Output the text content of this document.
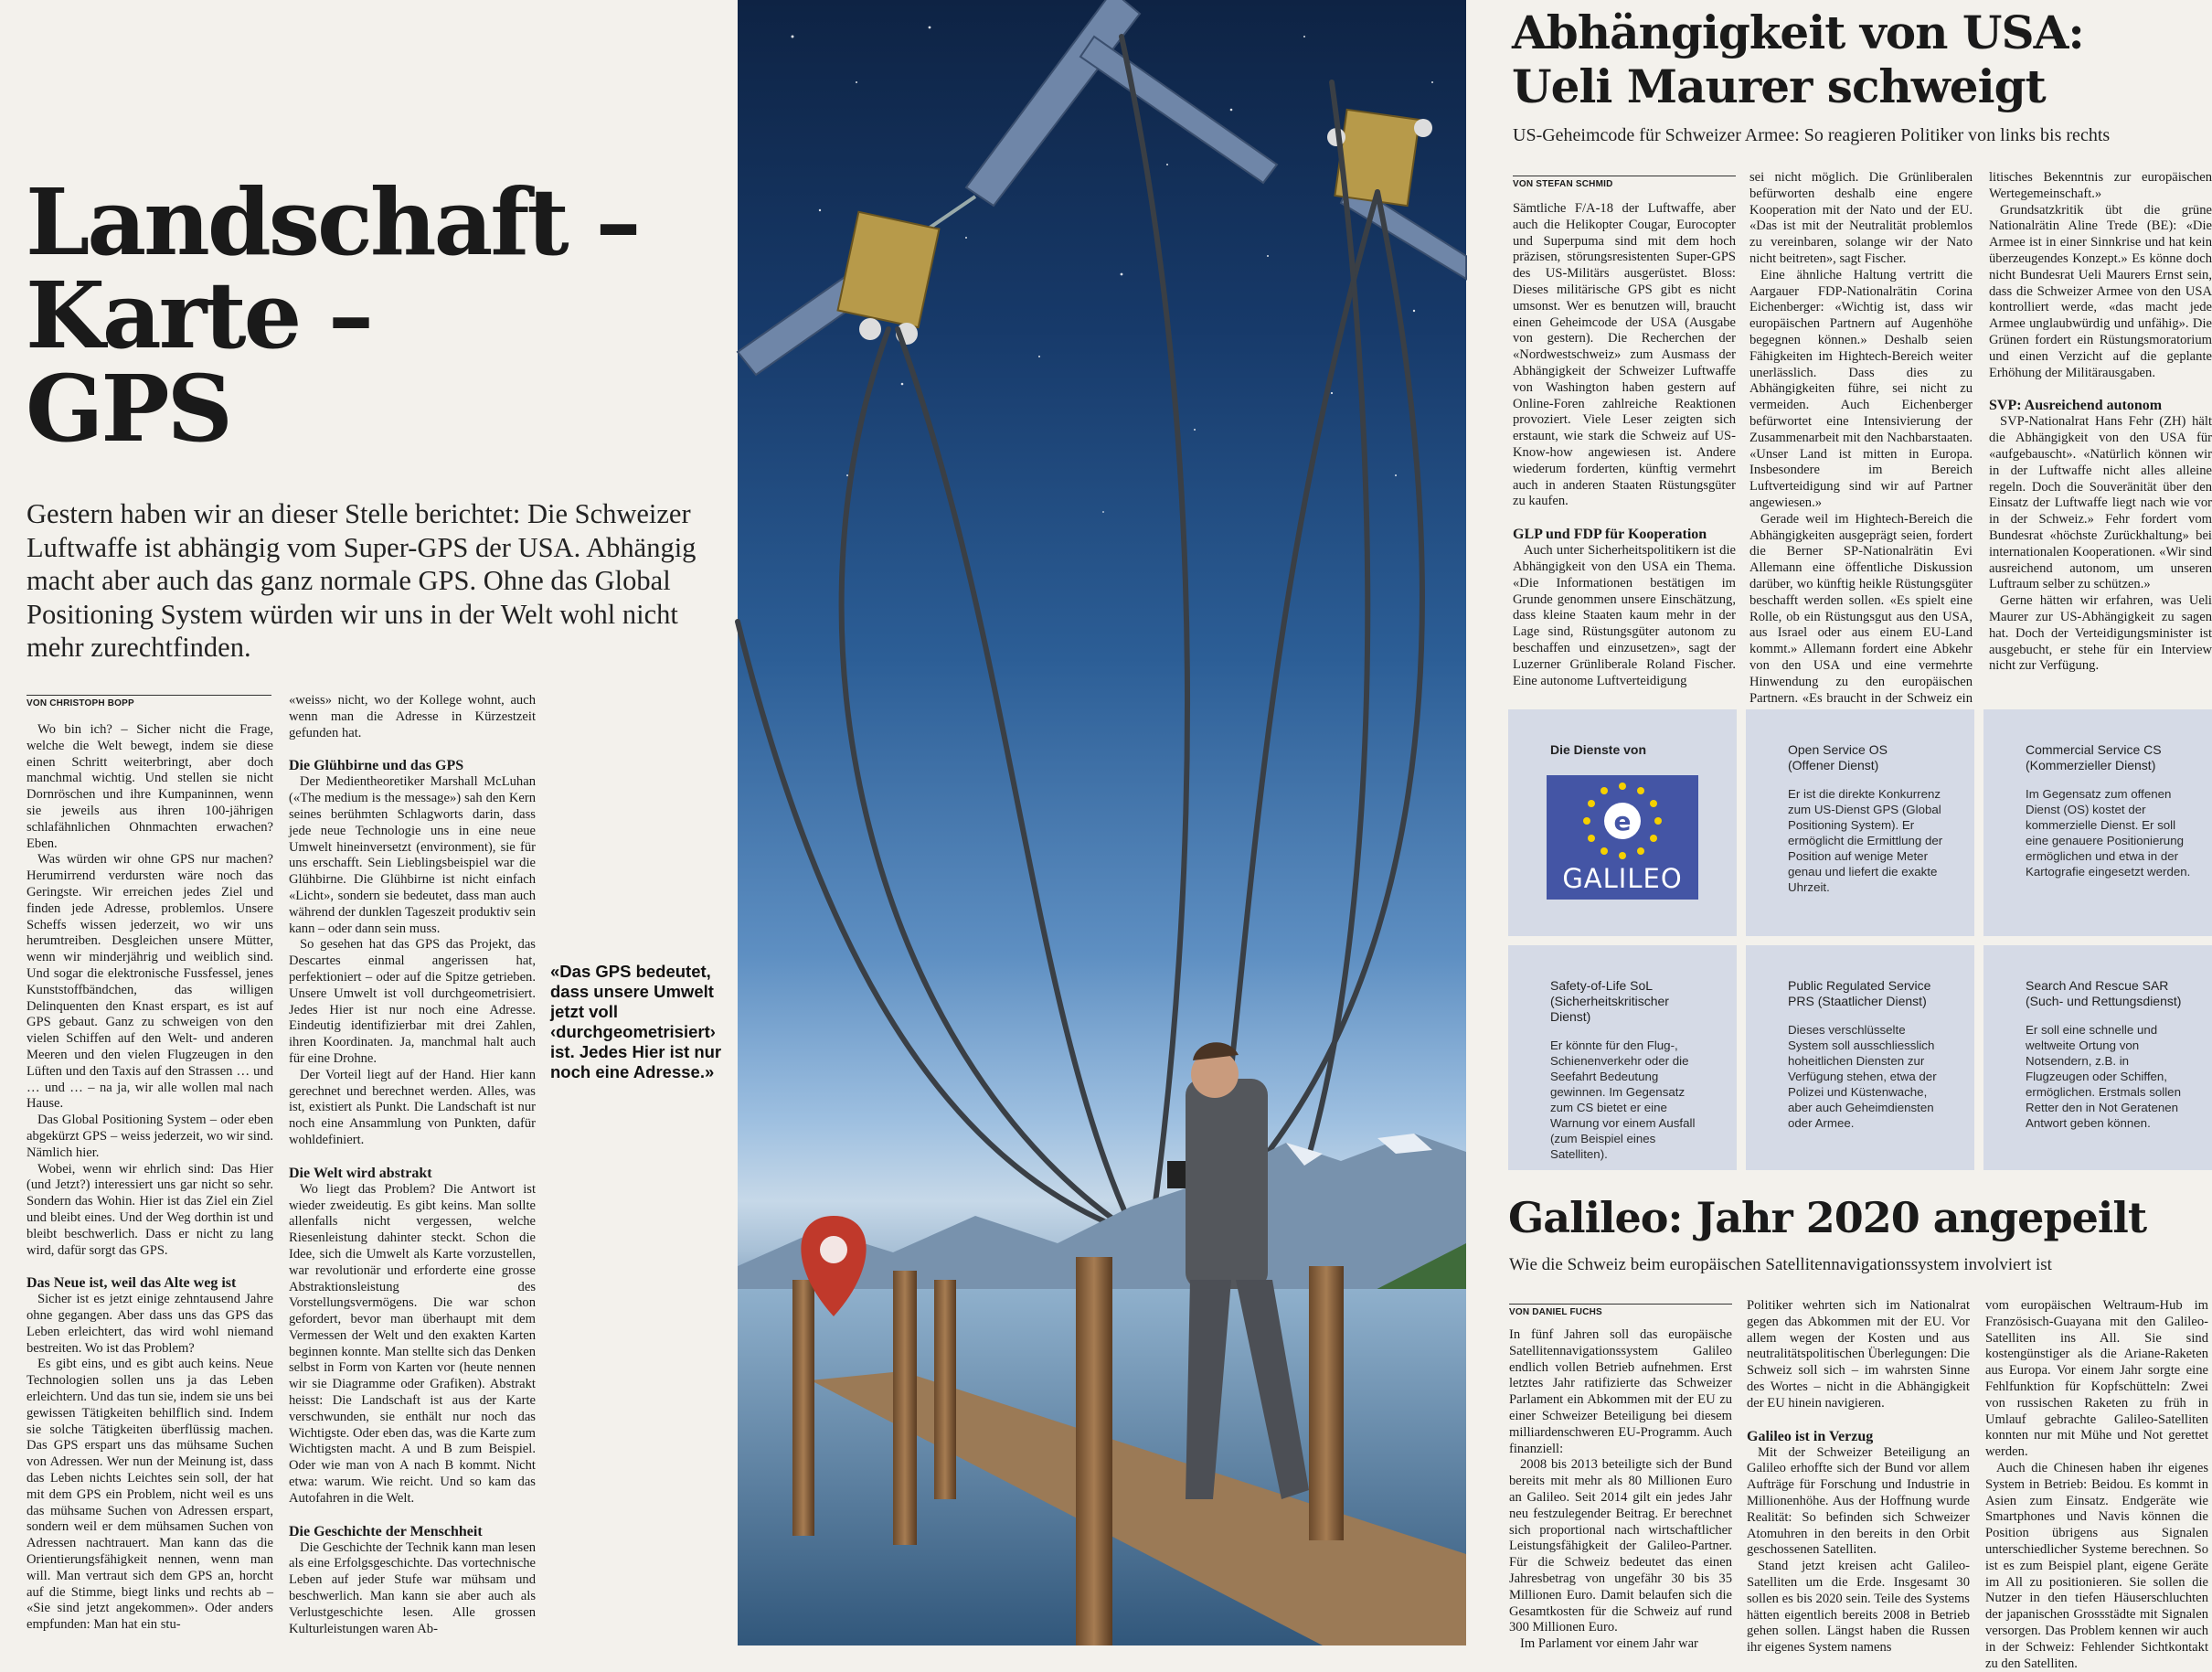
Landschaft –
Karte –
GPS
Gestern haben wir an dieser Stelle berichtet: Die Schweizer Luftwaffe ist abhängig vom Super-GPS der USA. Abhängig macht aber auch das ganz normale GPS. Ohne das Global Positioning System würden wir uns in der Welt wohl nicht mehr zurechtfinden.
VON CHRISTOPH BOPP

Wo bin ich? – Sicher nicht die Frage, welche die Welt bewegt, indem sie diese einen Schritt weiterbringt, aber doch manchmal wichtig. Und stellen sie nicht Dornröschen und ihre Kumpaninnen, wenn sie jeweils aus ihren 100-jährigen schlafähnlichen Ohnmachten erwachen? Eben.

Was würden wir ohne GPS nur machen? Herumirrend verdursten wäre noch das Geringste. Wir erreichen jedes Ziel und finden jede Adresse, problemlos. Unsere Scheffs wissen jederzeit, wo wir uns herumtreiben. Desgleichen unsere Mütter, wenn wir minderjährig und weiblich sind. Und sogar die elektronische Fussfessel, jenes Kunststoffbändchen, das willigen Delinquenten den Knast erspart, es ist auf GPS gebaut. Ganz zu schweigen von den vielen Schiffen auf den Welt- und anderen Meeren und den vielen Flugzeugen in den Lüften und den Taxis auf den Strassen … und … und … – na ja, wir alle wollen mal nach Hause.

Das Global Positioning System – oder eben abgekürzt GPS – weiss jederzeit, wo wir sind. Nämlich hier.

Wobei, wenn wir ehrlich sind: Das Hier (und Jetzt?) interessiert uns gar nicht so sehr. Sondern das Wohin. Hier ist das Ziel ein Ziel und bleibt eines. Und der Weg dorthin ist und bleibt beschwerlich. Dass er nicht zu lang wird, dafür sorgt das GPS.

Das Neue ist, weil das Alte weg ist

Sicher ist es jetzt einige zehntausend Jahre ohne gegangen. Aber dass uns das GPS das Leben erleichtert, das wird wohl niemand bestreiten. Wo ist das Problem?

Es gibt eins, und es gibt auch keins. Neue Technologien sollen uns ja das Leben erleichtern. Und das tun sie, indem sie uns bei gewissen Tätigkeiten behilflich sind. Indem sie solche Tätigkeiten überflüssig machen. Das GPS erspart uns das mühsame Suchen von Adressen. Wer nun der Meinung ist, dass das Leben nichts Leichtes sein soll, der hat mit dem GPS ein Problem, nicht weil es uns das mühsame Suchen von Adressen erspart, sondern weil er dem mühsamen Suchen von Adressen nachtrauert. Man kann das die Orientierungsfähigkeit nennen, wenn man will. Man vertraut sich dem GPS an, horcht auf die Stimme, biegt links und rechts ab – «Sie sind jetzt angekommen». Oder anders empfunden: Man hat ein stu-

«weiss» nicht, wo der Kollege wohnt, auch wenn man die Adresse in Kürzestzeit gefunden hat.

Die Glühbirne und das GPS

Der Medientheoretiker Marshall McLuhan («The medium is the message») sah den Kern seines berühmten Schlagworts darin, dass jede neue Technologie uns in eine neue Umwelt hineinversetzt (environment), sie für uns erschafft. Sein Lieblingsbeispiel war die Glühbirne. Die Glühbirne ist nicht einfach «Licht», sondern sie bedeutet, dass man auch während der dunklen Tageszeit produktiv sein kann – oder dann sein muss.

So gesehen hat das GPS das Projekt, das Descartes einmal angerissen hat, perfektioniert – oder auf die Spitze getrieben. Unsere Umwelt ist voll durchgeometrisiert. Jedes Hier ist nur noch eine Adresse. Eindeutig identifizierbar mit drei Zahlen, ihren Koordinaten. Ja, manchmal halt auch für eine Drohne.

Der Vorteil liegt auf der Hand. Hier kann gerechnet und berechnet werden. Alles, was ist, existiert als Punkt. Die Landschaft ist nur noch eine Ansammlung von Punkten, dafür wohldefiniert.

Die Welt wird abstrakt

Wo liegt das Problem? Die Antwort ist wieder zweideutig. Es gibt keins. Man sollte allenfalls nicht vergessen, welche Riesenleistung dahinter steckt. Schon die Idee, sich die Umwelt als Karte vorzustellen, war revolutionär und erforderte eine grosse Abstraktionsleistung des Vorstellungsvermögens. Die war schon gefordert, bevor man überhaupt mit dem Vermessen der Welt und den exakten Karten beginnen konnte. Man stellte sich das Denken selbst in Form von Karten vor (heute nennen wir sie Diagramme oder Grafiken). Abstrakt heisst: Die Landschaft ist aus der Karte verschwunden, sie enthält nur noch das Wichtigste. Oder eben das, was die Karte zum Wichtigsten macht. A und B zum Beispiel. Oder wie man von A nach B kommt. Nicht etwa: warum. Wie reicht. Und so kam das Autofahren in die Welt.

Die Geschichte der Menschheit

Die Geschichte der Technik kann man lesen als eine Erfolgsgeschichte. Das vortechnische Leben auf jeder Stufe war mühsam und beschwerlich. Man kann sie aber auch als Verlustgeschichte lesen. Alle grossen Kulturleistungen waren Ab-

«Das GPS bedeutet, dass unsere Umwelt jetzt voll ‹durchgeometrisiert› ist. Jedes Hier ist nur noch eine Adresse.»
Abhängigkeit von USA:
Ueli Maurer schweigt
US-Geheimcode für Schweizer Armee: So reagieren Politiker von links bis rechts
VON STEFAN SCHMID

Sämtliche F/A-18 der Luftwaffe, aber auch die Helikopter Cougar, Eurocopter und Superpuma sind mit dem hoch präzisen, störungsresistenten Super-GPS des US-Militärs ausgerüstet. Bloss: Dieses militärische GPS gibt es nicht umsonst. Wer es benutzen will, braucht einen Geheimcode der USA (Ausgabe von gestern). Die Recherchen der «Nordwestschweiz» zum Ausmass der Abhängigkeit der Schweizer Luftwaffe von Washington haben gestern auf Online-Foren zahlreiche Reaktionen provoziert. Viele Leser zeigten sich erstaunt, wie stark die Schweiz auf US-Know-how angewiesen ist. Andere wiederum forderten, künftig vermehrt auch in anderen Staaten Rüstungsgüter zu kaufen.

GLP und FDP für Kooperation

Auch unter Sicherheitspolitikern ist die Abhängigkeit von den USA ein Thema. «Die Informationen bestätigen im Grunde genommen unsere Einschätzung, dass kleine Staaten kaum mehr in der Lage sind, Rüstungsgüter autonom zu beschaffen und einzusetzen», sagt der Luzerner Grünliberale Roland Fischer. Eine autonome Luftverteidigung

sei nicht möglich. Die Grünliberalen befürworten deshalb eine engere Kooperation mit der Nato und der EU. «Das ist mit der Neutralität problemlos zu vereinbaren, solange wir der Nato nicht beitreten», sagt Fischer.

Eine ähnliche Haltung vertritt die Aargauer FDP-Nationalrätin Corina Eichenberger: «Wichtig ist, dass wir europäischen Partnern auf Augenhöhe begegnen können.» Deshalb seien Fähigkeiten im Hightech-Bereich weiter unerlässlich. Dass dies zu Abhängigkeiten führe, sei nicht zu vermeiden. Auch Eichenberger befürwortet eine Intensivierung der Zusammenarbeit mit den Nachbarstaaten. «Unser Land ist mitten in Europa. Insbesondere im Bereich Luftverteidigung sind wir auf Partner angewiesen.»

Gerade weil im Hightech-Bereich die Abhängigkeiten ausgeprägt seien, fordert die Berner SP-Nationalrätin Evi Allemann eine öffentliche Diskussion darüber, wo künftig heikle Rüstungsgüter beschafft werden sollen. «Es spielt eine Rolle, ob ein Rüstungsgut aus den USA, aus Israel oder aus einem EU-Land kommt.» Allemann fordert eine Abkehr von den USA und eine vermehrte Hinwendung zu den europäischen Partnern. «Es braucht in der Schweiz ein

litisches Bekenntnis zur europäischen Wertegemeinschaft.»

Grundsatzkritik übt die grüne Nationalrätin Aline Trede (BE): «Die Armee ist in einer Sinnkrise und hat kein überzeugendes Konzept.» Es könne doch nicht Bundesrat Ueli Maurers Ernst sein, dass die Schweizer Armee von den USA kontrolliert werde, «das macht jede Armee unglaubwürdig und unfähig». Die Grünen fordert ein Rüstungsmoratorium und einen Verzicht auf die geplante Erhöhung der Militärausgaben.

SVP: Ausreichend autonom

SVP-Nationalrat Hans Fehr (ZH) hält die Abhängigkeit von den USA für «aufgebauscht». «Natürlich können wir in der Luftwaffe nicht alles alleine regeln. Doch die Souveränität über den Einsatz der Luftwaffe liegt nach wie vor in der Schweiz.» Fehr fordert vom Bundesrat «höchste Zurückhaltung» bei internationalen Kooperationen. «Wir sind ausreichend autonom, um unseren Luftraum selber zu schützen.»

Gerne hätten wir erfahren, was Ueli Maurer zur US-Abhängigkeit zu sagen hat. Doch der Verteidigungsminister ist ausgebucht, er stehe für ein Interview nicht zur Verfügung.

Die Dienste von
e
GALILEO
Open Service OS
(Offener Dienst)
Er ist die direkte Konkurrenz zum US-Dienst GPS (Global Positioning System). Er ermöglicht die Ermittlung der Position auf wenige Meter genau und liefert die exakte Uhrzeit.
Commercial Service CS
(Kommerzieller Dienst)
Im Gegensatz zum offenen Dienst (OS) kostet der kommerzielle Dienst. Er soll eine genauere Positionierung ermöglichen und etwa in der Kartografie eingesetzt werden.
Safety-of-Life SoL (Sicherheitskritischer Dienst)
Er könnte für den Flug-, Schienenverkehr oder die Seefahrt Bedeutung gewinnen. Im Gegensatz zum CS bietet er eine Warnung vor einem Ausfall (zum Beispiel eines Satelliten).
Public Regulated Service PRS (Staatlicher Dienst)
Dieses verschlüsselte System soll ausschliesslich hoheitlichen Diensten zur Verfügung stehen, etwa der Polizei und Küstenwache, aber auch Geheimdiensten oder Armee.
Search And Rescue SAR
(Such- und Rettungsdienst)
Er soll eine schnelle und weltweite Ortung von Notsendern, z.B. in Flugzeugen oder Schiffen, ermöglichen. Erstmals sollen Retter den in Not Geratenen Antwort geben können.
Galileo: Jahr 2020 angepeilt
Wie die Schweiz beim europäischen Satellitennavigationssystem involviert ist
VON DANIEL FUCHS

In fünf Jahren soll das europäische Satellitennavigationssystem Galileo endlich vollen Betrieb aufnehmen. Erst letztes Jahr ratifizierte das Schweizer Parlament ein Abkommen mit der EU zu einer Schweizer Beteiligung bei diesem milliardenschweren EU-Programm. Auch finanziell:

2008 bis 2013 beteiligte sich der Bund bereits mit mehr als 80 Millionen Euro an Galileo. Seit 2014 gilt ein jedes Jahr neu festzulegender Beitrag. Er berechnet sich proportional nach wirtschaftlicher Leistungsfähigkeit der Galileo-Partner. Für die Schweiz bedeutet das einen Jahresbetrag von ungefähr 30 bis 35 Millionen Euro. Damit belaufen sich die Gesamtkosten für die Schweiz auf rund 300 Millionen Euro.

Im Parlament vor einem Jahr war

Politiker wehrten sich im Nationalrat gegen das Abkommen mit der EU. Vor allem wegen der Kosten und aus neutralitätspolitischen Überlegungen: Die Schweiz soll sich – im wahrsten Sinne des Wortes – nicht in die Abhängigkeit der EU hinein navigieren.

Galileo ist in Verzug

Mit der Schweizer Beteiligung an Galileo erhoffte sich der Bund vor allem Aufträge für Forschung und Industrie in Millionenhöhe. Aus der Hoffnung wurde Realität: So befinden sich Schweizer Atomuhren in den bereits in den Orbit geschossenen Satelliten.

Stand jetzt kreisen acht Galileo-Satelliten um die Erde. Insgesamt 30 sollen es bis 2020 sein. Teile des Systems hätten eigentlich bereits 2008 in Betrieb gehen sollen. Längst haben die Russen ihr eigenes System namens

vom europäischen Weltraum-Hub im Französisch-Guayana mit den Galileo-Satelliten ins All. Sie sind kostengünstiger als die Ariane-Raketen aus Europa. Vor einem Jahr sorgte eine Fehlfunktion für Kopfschütteln: Zwei von russischen Raketen zu früh in Umlauf gebrachte Galileo-Satelliten konnten nur mit Mühe und Not gerettet werden.

Auch die Chinesen haben ihr eigenes System in Betrieb: Beidou. Es kommt in Asien zum Einsatz. Endgeräte wie Smartphones und Navis können die Position übrigens aus Signalen unterschiedlicher Systeme berechnen. So ist es zum Beispiel plant, eigene Geräte im All zu positionieren. Sie sollen die Nutzer in den tiefen Häuserschluchten der japanischen Grossstädte mit Signalen versorgen. Das Problem kennen wir auch in der Schweiz: Fehlender Sichtkontakt zu den Satelliten.
